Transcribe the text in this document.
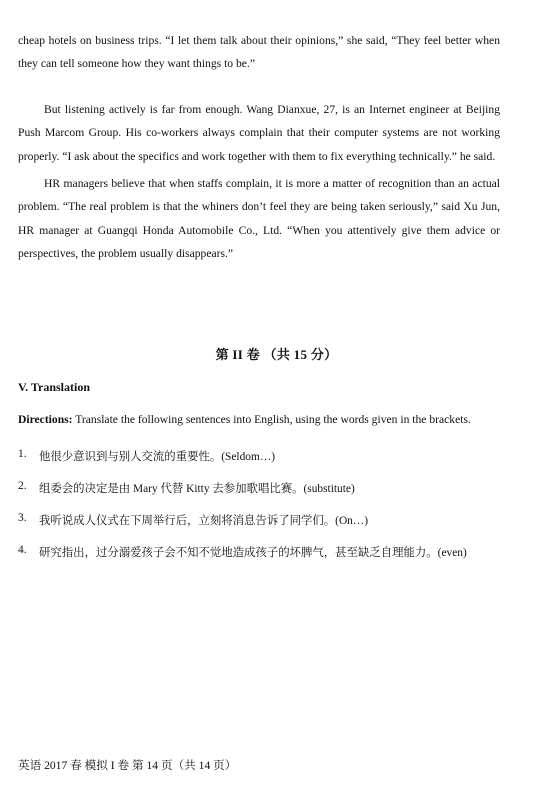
cheap hotels on business trips. “I let them talk about their opinions,” she said, “They feel better when they can tell someone how they want things to be.”

But listening actively is far from enough. Wang Dianxue, 27, is an Internet engineer at Beijing Push Marcom Group. His co-workers always complain that their computer systems are not working properly. “I ask about the specifics and work together with them to fix everything technically.” he said.

HR managers believe that when staffs complain, it is more a matter of recognition than an actual problem. “The real problem is that the whiners don’t feel they are being taken seriously,” said Xu Jun, HR manager at Guangqi Honda Automobile Co., Ltd. “When you attentively give them advice or perspectives, the problem usually disappears.”

第 II 卷 （共 15 分）
V. Translation

Directions: Translate the following sentences into English, using the words given in the brackets.

1.	他很少意识到与别人交流的重要性。(Seldom…)
2.	组委会的决定是由 Mary 代替 Kitty 去参加歌唱比赛。(substitute)
3.	我听说成人仪式在下周举行后，立刻将消息告诉了同学们。(On…)
4.	研究指出，过分溺爱孩子会不知不觉地造成孩子的坏脾气，甚至缺乏自理能力。(even)

英语 2017 春 模拟 I 卷 第 14 页（共 14 页）
